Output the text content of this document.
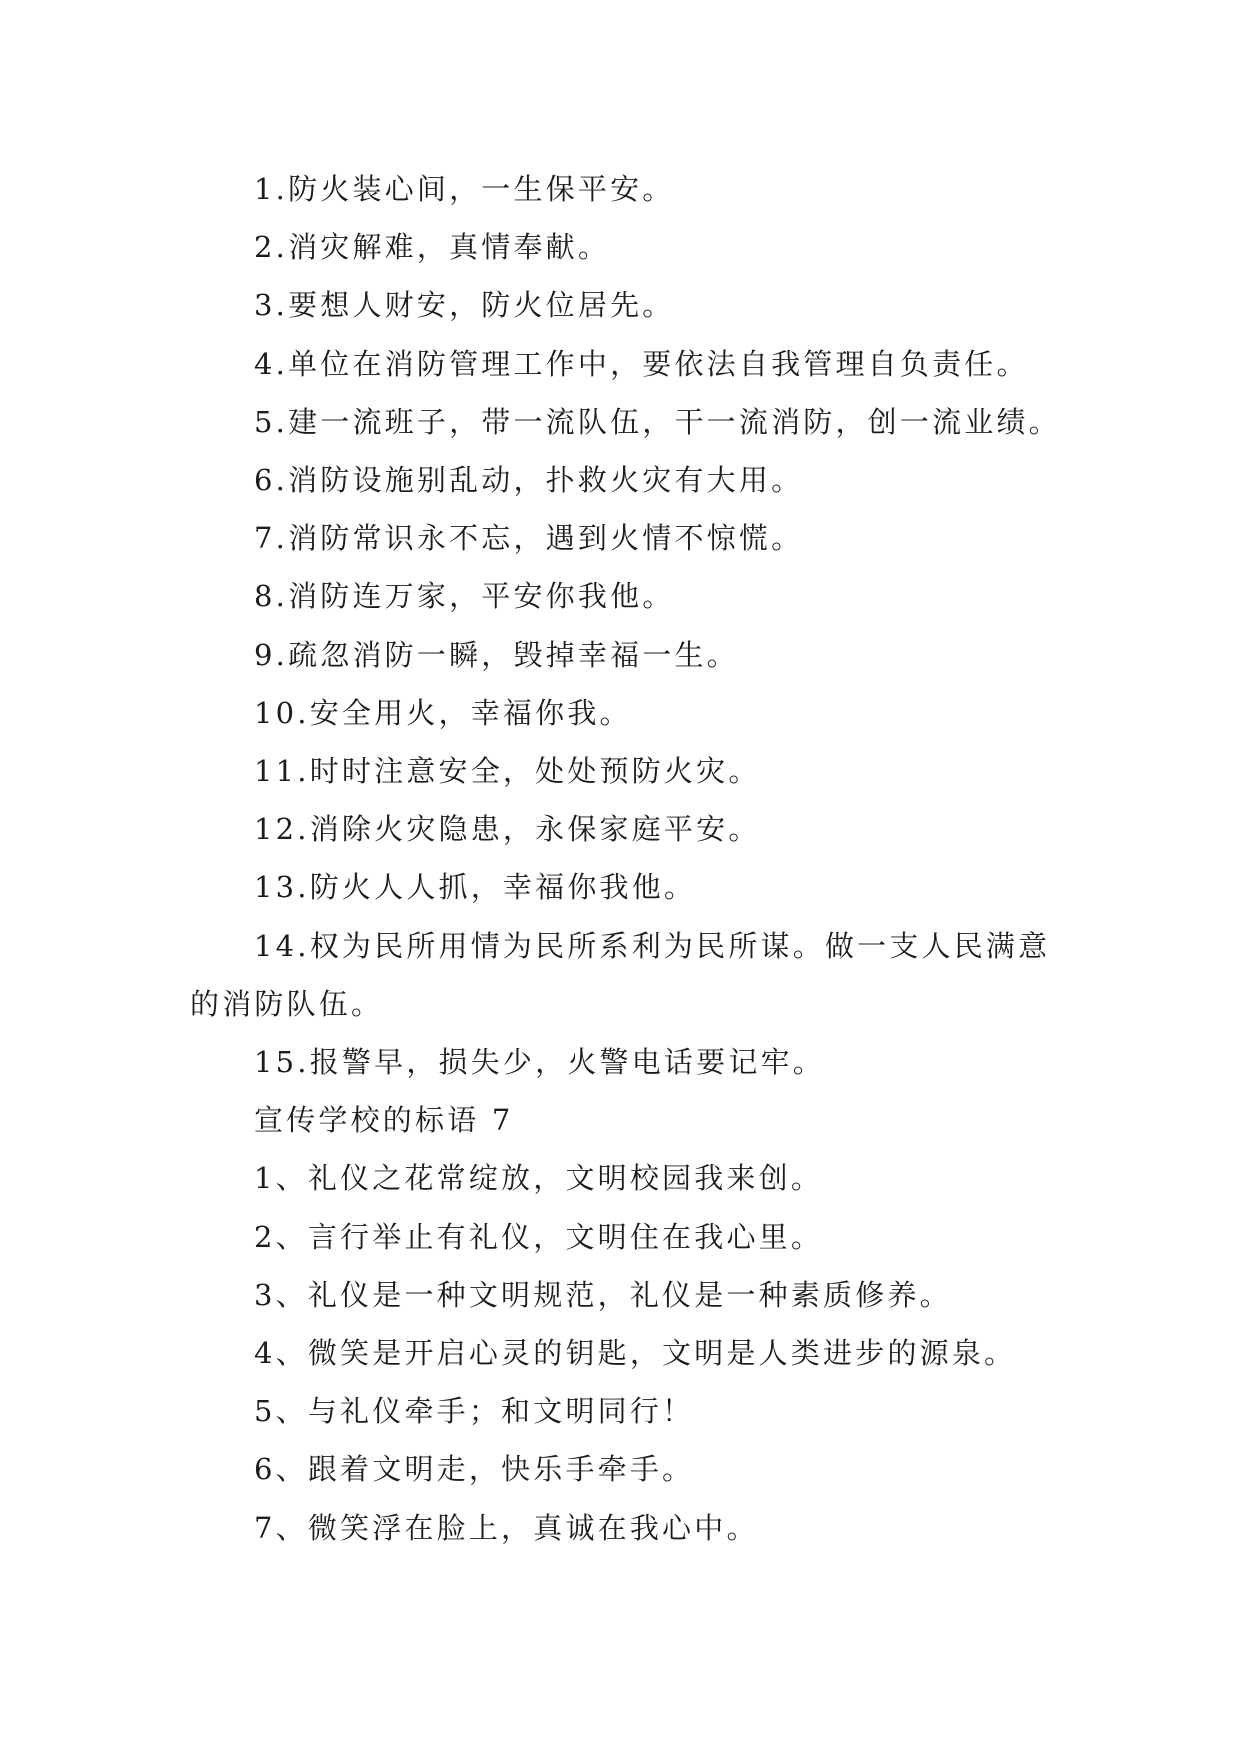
1.防火装心间，一生保平安。

2.消灾解难，真情奉献。

3.要想人财安，防火位居先。

4.单位在消防管理工作中，要依法自我管理自负责任。

5.建一流班子，带一流队伍，干一流消防，创一流业绩。

6.消防设施别乱动，扑救火灾有大用。

7.消防常识永不忘，遇到火情不惊慌。

8.消防连万家，平安你我他。

9.疏忽消防一瞬，毁掉幸福一生。

10.安全用火，幸福你我。

11.时时注意安全，处处预防火灾。

12.消除火灾隐患，永保家庭平安。

13.防火人人抓，幸福你我他。

14.权为民所用情为民所系利为民所谋。做一支人民满意的消防队伍。

15.报警早，损失少，火警电话要记牢。

宣传学校的标语 7

1、礼仪之花常绽放，文明校园我来创。

2、言行举止有礼仪，文明住在我心里。

3、礼仪是一种文明规范，礼仪是一种素质修养。

4、微笑是开启心灵的钥匙，文明是人类进步的源泉。

5、与礼仪牵手；和文明同行！

6、跟着文明走，快乐手牵手。

7、微笑浮在脸上，真诚在我心中。
